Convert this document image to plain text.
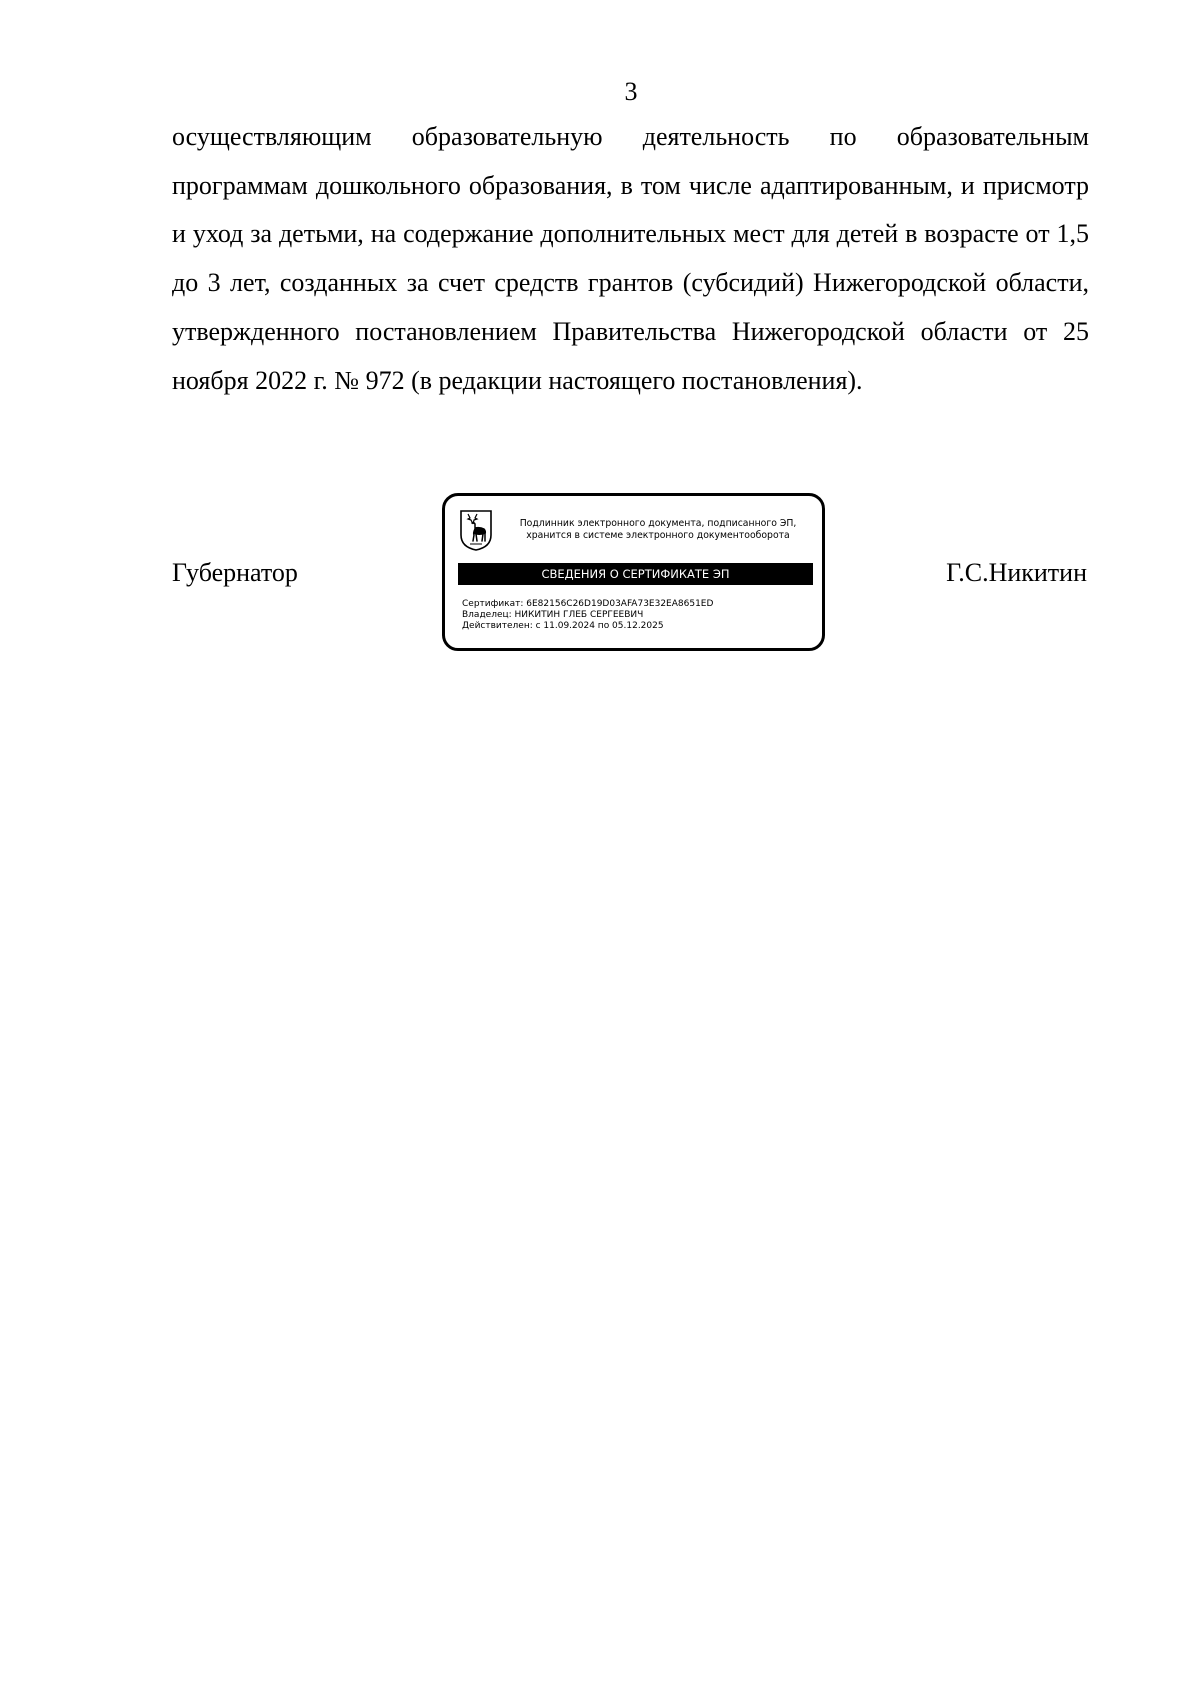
3

осуществляющим образовательную деятельность по образовательным программам дошкольного образования, в том числе адаптированным, и присмотр и уход за детьми, на содержание дополнительных мест для детей в возрасте от 1,5 до 3 лет, созданных за счет средств грантов (субсидий) Нижегородской области, утвержденного постановлением Правительства Нижегородской области от 25 ноября 2022 г. № 972 (в редакции настоящего постановления).

Губернатор
Подлинник электронного документа, подписанного ЭП,
хранится в системе электронного документооборота
СВЕДЕНИЯ О СЕРТИФИКАТЕ ЭП
Сертификат: 6E82156C26D19D03AFA73E32EA8651ED
Владелец: НИКИТИН ГЛЕБ СЕРГЕЕВИЧ
Действителен: с 11.09.2024 по 05.12.2025
Г.С.Никитин
